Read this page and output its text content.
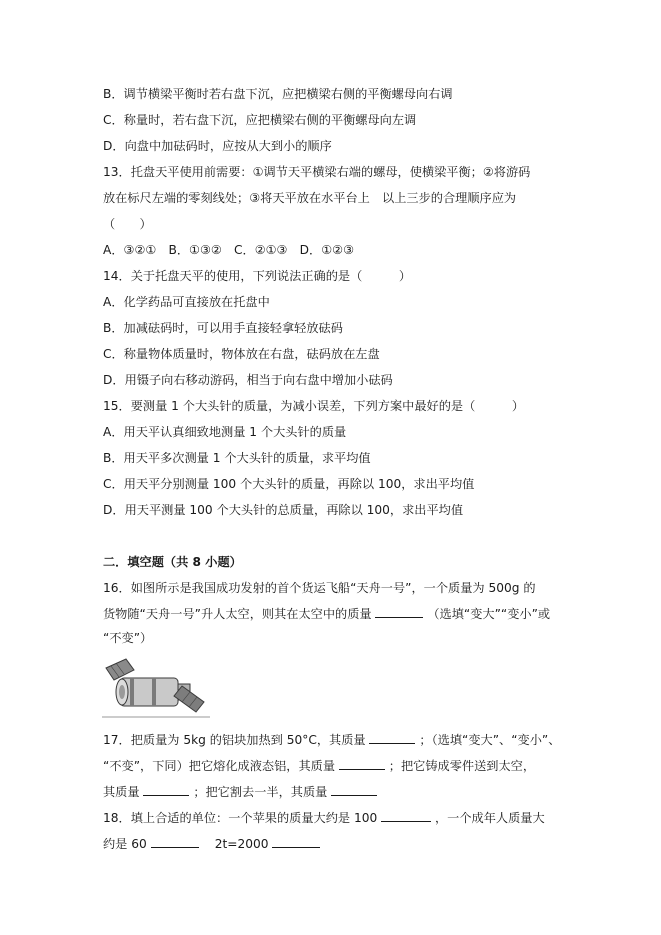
B．调节横梁平衡时若右盘下沉，应把横梁右侧的平衡螺母向右调
C．称量时，若右盘下沉，应把横梁右侧的平衡螺母向左调
D．向盘中加砝码时，应按从大到小的顺序
13．托盘天平使用前需要：①调节天平横梁右端的螺母，使横梁平衡；②将游码
放在标尺左端的零刻线处；③将天平放在水平台上　以上三步的合理顺序应为
（　　）
A．③②①　B．①③②　C．②①③　D．①②③
14．关于托盘天平的使用，下列说法正确的是（　　　）
A．化学药品可直接放在托盘中
B．加减砝码时，可以用手直接轻拿轻放砝码
C．称量物体质量时，物体放在右盘，砝码放在左盘
D．用镊子向右移动游码，相当于向右盘中增加小砝码
15．要测量 1 个大头针的质量，为减小误差，下列方案中最好的是（　　　）
A．用天平认真细致地测量 1 个大头针的质量
B．用天平多次测量 1 个大头针的质量，求平均值
C．用天平分别测量 100 个大头针的质量，再除以 100，求出平均值
D．用天平测量 100 个大头针的总质量，再除以 100，求出平均值
二．填空题（共 8 小题）
16．如图所示是我国成功发射的首个货运飞船“天舟一号”，一个质量为 500g 的
货物随“天舟一号”升人太空，则其在太空中的质量	（选填“变大”“变小”或
“不变”）
17．把质量为 5kg 的铝块加热到 50°C，其质量	；（选填“变大”、“变小”、
“不变”，下同）把它熔化成液态铝，其质量	；把它铸成零件送到太空，
其质量	；把它割去一半，其质量
18．填上合适的单位：一个苹果的质量大约是 100	，一个成年人质量大
约是 60	　2t=2000
